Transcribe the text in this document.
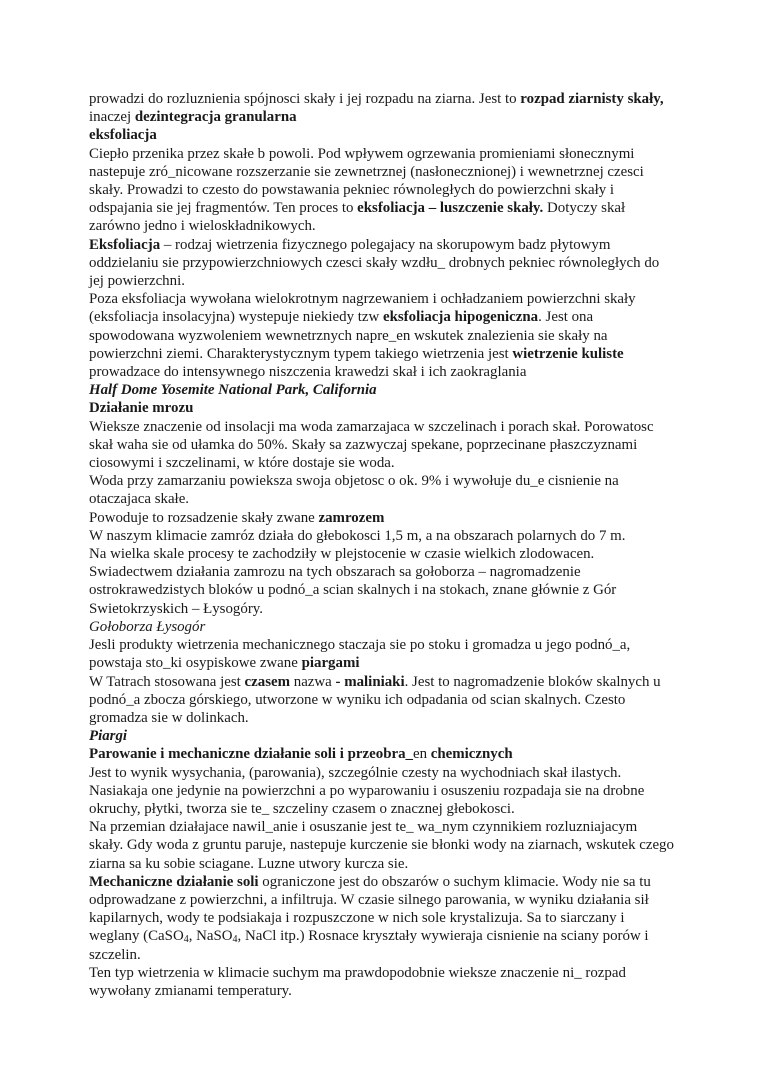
prowadzi do rozluznienia spójnosci skały i jej rozpadu na ziarna. Jest to rozpad ziarnisty skały, inaczej dezintegracja granularna

eksfoliacja

Ciepło przenika przez skałe b powoli. Pod wpływem ogrzewania promieniami słonecznymi nastepuje zró_nicowane rozszerzanie sie zewnetrznej (nasłonecznionej) i wewnetrznej czesci skały. Prowadzi to czesto do powstawania pekniec równoległych do powierzchni skały i odspajania sie jej fragmentów. Ten proces to eksfoliacja – luszczenie skały. Dotyczy skał zarówno jedno i wieloskładnikowych.

Eksfoliacja – rodzaj wietrzenia fizycznego polegajacy na skorupowym badz płytowym oddzielaniu sie przypowierzchniowych czesci skały wzdłu_ drobnych pekniec równoległych do jej powierzchni.

Poza eksfoliacja wywołana wielokrotnym nagrzewaniem i ochładzaniem powierzchni skały (eksfoliacja insolacyjna) wystepuje niekiedy tzw eksfoliacja hipogeniczna. Jest ona spowodowana wyzwoleniem wewnetrznych napre_en wskutek znalezienia sie skały na powierzchni ziemi. Charakterystycznym typem takiego wietrzenia jest wietrzenie kuliste prowadzace do intensywnego niszczenia krawedzi skał i ich zaokraglania

Half Dome Yosemite National Park, California

Działanie mrozu

Wieksze znaczenie od insolacji ma woda zamarzajaca w szczelinach i porach skał. Porowatosc skał waha sie od ułamka do 50%. Skały sa zazwyczaj spekane, poprzecinane płaszczyznami ciosowymi i szczelinami, w które dostaje sie woda.

Woda przy zamarzaniu powieksza swoja objetosc o ok. 9% i wywołuje du_e cisnienie na otaczajaca skałe.

Powoduje to rozsadzenie skały zwane zamrozem

W naszym klimacie zamróz działa do głebokosci 1,5 m, a na obszarach polarnych do 7 m.

Na wielka skale procesy te zachodziły w plejstocenie w czasie wielkich zlodowacen.

Swiadectwem działania zamrozu na tych obszarach sa gołoborza – nagromadzenie ostrokrawedzistych bloków u podnó_a scian skalnych i na stokach, znane głównie z Gór Swietokrzyskich – Łysogóry.

Gołoborza Łysogór

Jesli produkty wietrzenia mechanicznego staczaja sie po stoku i gromadza u jego podnó_a, powstaja sto_ki osypiskowe zwane piargami

W Tatrach stosowana jest czasem nazwa - maliniaki. Jest to nagromadzenie bloków skalnych u podnó_a zbocza górskiego, utworzone w wyniku ich odpadania od scian skalnych. Czesto gromadza sie w dolinkach.

Piargi

Parowanie i mechaniczne działanie soli i przeobra_en chemicznych

Jest to wynik wysychania, (parowania), szczególnie czesty na wychodniach skał ilastych. Nasiakaja one jedynie na powierzchni a po wyparowaniu i osuszeniu rozpadaja sie na drobne okruchy, płytki, tworza sie te_ szczeliny czasem o znacznej głebokosci.

Na przemian działajace nawil_anie i osuszanie jest te_ wa_nym czynnikiem rozluzniajacym skały. Gdy woda z gruntu paruje, nastepuje kurczenie sie błonki wody na ziarnach, wskutek czego ziarna sa ku sobie sciagane. Luzne utwory kurcza sie.

Mechaniczne działanie soli ograniczone jest do obszarów o suchym klimacie. Wody nie sa tu odprowadzane z powierzchni, a infiltruja. W czasie silnego parowania, w wyniku działania sił kapilarnych, wody te podsiakaja i rozpuszczone w nich sole krystalizuja. Sa to siarczany i weglany (CaSO$_4$, NaSO$_4$, NaCl itp.) Rosnace kryształy wywieraja cisnienie na sciany porów i szczelin.

Ten typ wietrzenia w klimacie suchym ma prawdopodobnie wieksze znaczenie ni_ rozpad wywołany zmianami temperatury.
